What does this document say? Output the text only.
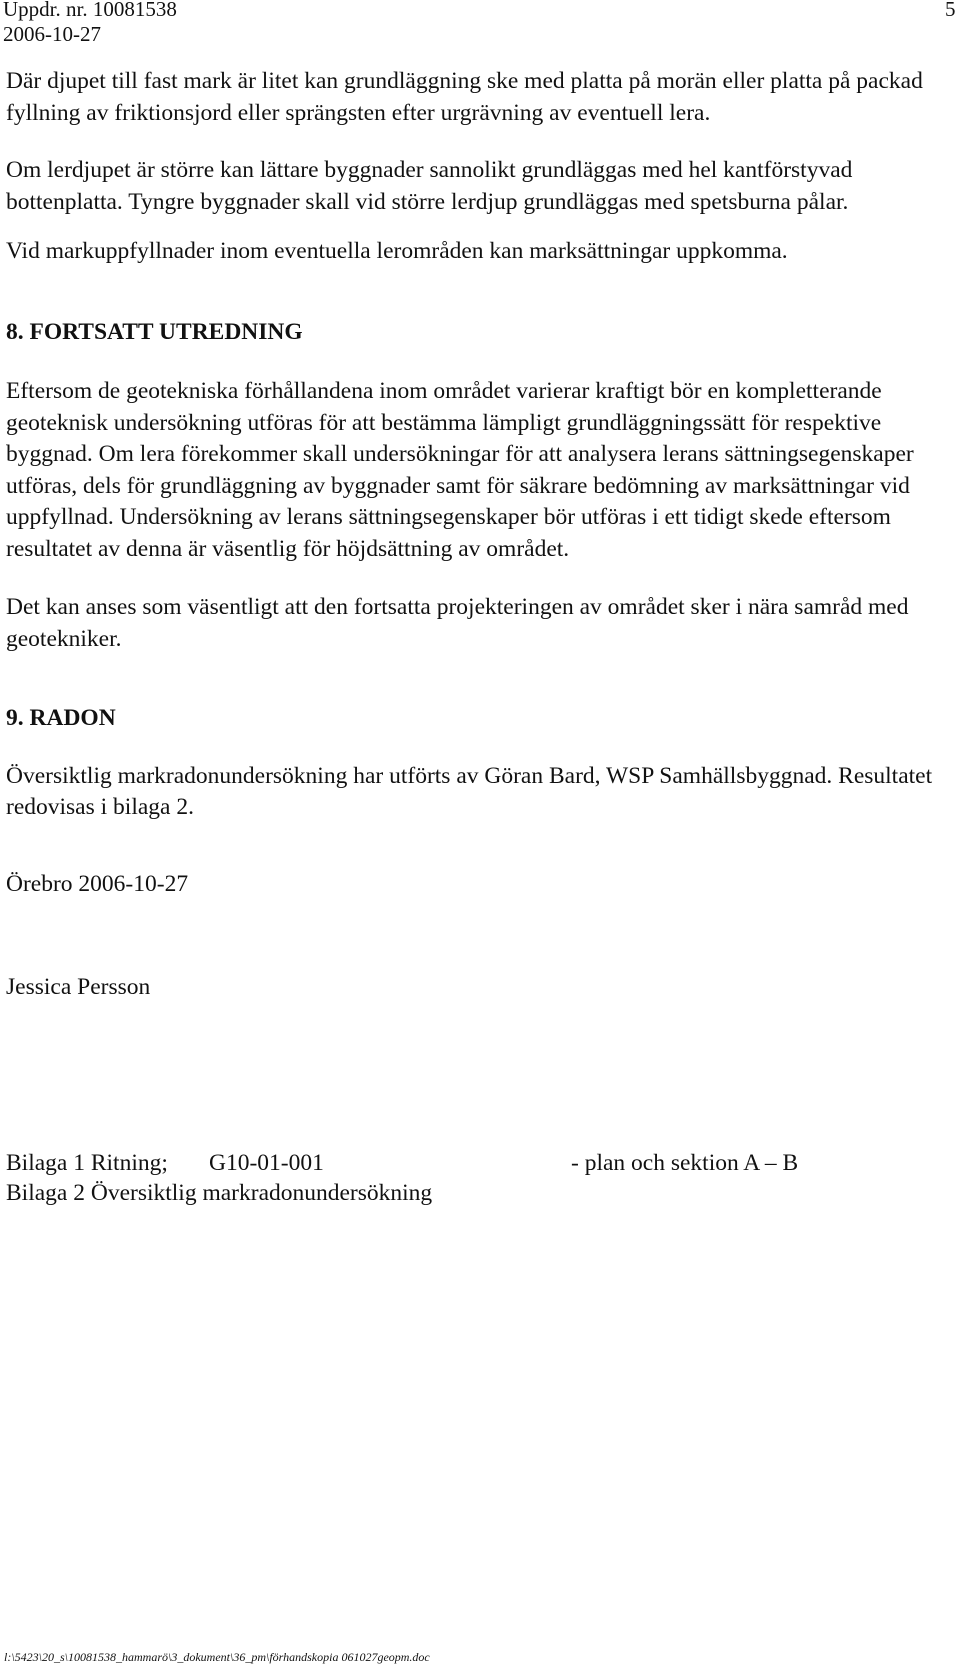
Uppdr. nr. 10081538
2006-10-27
5

Där djupet till fast mark är litet kan grundläggning ske med platta på morän eller platta på packad fyllning av friktionsjord eller sprängsten efter urgrävning av eventuell lera.

Om lerdjupet är större kan lättare byggnader sannolikt grundläggas med hel kantförstyvad bottenplatta. Tyngre byggnader skall vid större lerdjup grundläggas med spetsburna pålar.

Vid markuppfyllnader inom eventuella lerområden kan marksättningar uppkomma.

8. FORTSATT UTREDNING

Eftersom de geotekniska förhållandena inom området varierar kraftigt bör en kompletterande geoteknisk undersökning utföras för att bestämma lämpligt grundläggningssätt för respektive byggnad. Om lera förekommer skall undersökningar för att analysera lerans sättningsegenskaper utföras, dels för grundläggning av byggnader samt för säkrare bedömning av marksättningar vid uppfyllnad. Undersökning av lerans sättningsegenskaper bör utföras i ett tidigt skede eftersom resultatet av denna är väsentlig för höjdsättning av området.

Det kan anses som väsentligt att den fortsatta projekteringen av området sker i nära samråd med geotekniker.

9. RADON

Översiktlig markradonundersökning har utförts av Göran Bard, WSP Samhällsbyggnad. Resultatet redovisas i bilaga 2.

Örebro 2006-10-27

Jessica Persson

Bilaga 1 Ritning; G10-01-001	- plan och sektion A – B
Bilaga 2 Översiktlig markradonundersökning
l:\5423\20_s\10081538_hammarö\3_dokument\36_pm\förhandskopia 061027geopm.doc
